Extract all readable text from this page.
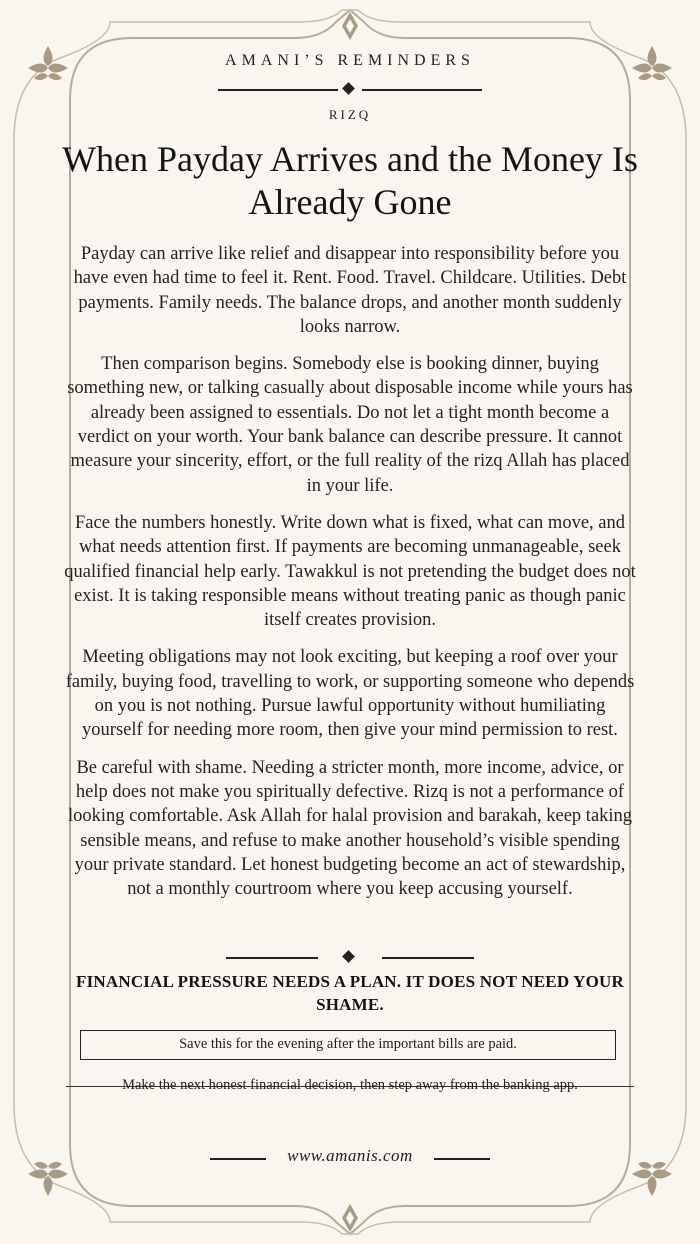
AMANI’S REMINDERS
RIZQ
When Payday Arrives and the Money Is Already Gone

Payday can arrive like relief and disappear into responsibility before you have even had time to feel it. Rent. Food. Travel. Childcare. Utilities. Debt payments. Family needs. The balance drops, and another month suddenly looks narrow.

Then comparison begins. Somebody else is booking dinner, buying something new, or talking casually about disposable income while yours has already been assigned to essentials. Do not let a tight month become a verdict on your worth. Your bank balance can describe pressure. It cannot measure your sincerity, effort, or the full reality of the rizq Allah has placed in your life.

Face the numbers honestly. Write down what is fixed, what can move, and what needs attention first. If payments are becoming unmanageable, seek qualified financial help early. Tawakkul is not pretending the budget does not exist. It is taking responsible means without treating panic as though panic itself creates provision.

Meeting obligations may not look exciting, but keeping a roof over your family, buying food, travelling to work, or supporting someone who depends on you is not nothing. Pursue lawful opportunity without humiliating yourself for needing more room, then give your mind permission to rest.

Be careful with shame. Needing a stricter month, more income, advice, or help does not make you spiritually defective. Rizq is not a performance of looking comfortable. Ask Allah for halal provision and barakah, keep taking sensible means, and refuse to make another household’s visible spending your private standard. Let honest budgeting become an act of stewardship, not a monthly courtroom where you keep accusing yourself.

FINANCIAL PRESSURE NEEDS A PLAN. IT DOES NOT NEED YOUR SHAME.
Save this for the evening after the important bills are paid.
Make the next honest financial decision, then step away from the banking app.
www.amanis.com
